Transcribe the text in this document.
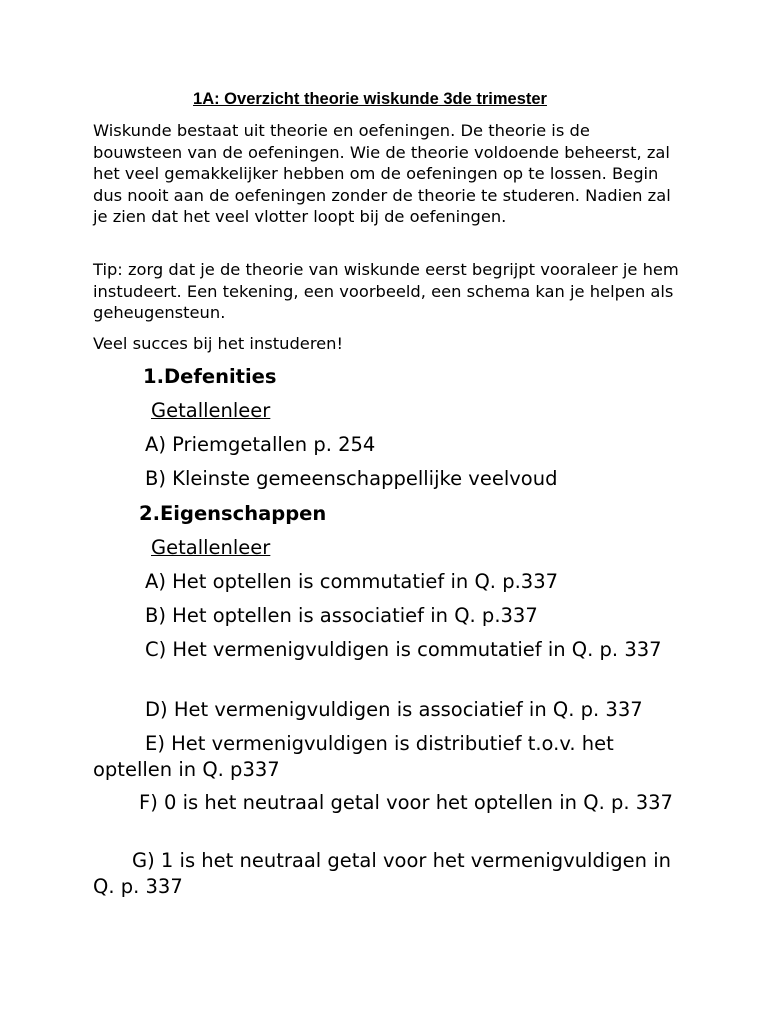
1A: Overzicht theorie wiskunde 3de trimester

Wiskunde bestaat uit theorie en oefeningen. De theorie is de bouwsteen van de oefeningen. Wie de theorie voldoende beheerst, zal het veel gemakkelijker hebben om de oefeningen op te lossen. Begin dus nooit aan de oefeningen zonder de theorie te studeren. Nadien zal je zien dat het veel vlotter loopt bij de oefeningen.

Tip: zorg dat je de theorie van wiskunde eerst begrijpt vooraleer je hem instudeert. Een tekening, een voorbeeld, een schema kan je helpen als geheugensteun.

Veel succes bij het instuderen!

1.Defenities

Getallenleer

A) Priemgetallen p. 254

B) Kleinste gemeenschappellijke veelvoud

2.Eigenschappen

Getallenleer

A) Het optellen is commutatief in Q. p.337

B) Het optellen is associatief in Q. p.337

C) Het vermenigvuldigen is commutatief in Q. p. 337

D) Het vermenigvuldigen is associatief in Q. p. 337

E) Het vermenigvuldigen is distributief t.o.v. het optellen in Q. p337

F) 0 is het neutraal getal voor het optellen in Q. p. 337

G) 1 is het neutraal getal voor het vermenigvuldigen in Q. p. 337
